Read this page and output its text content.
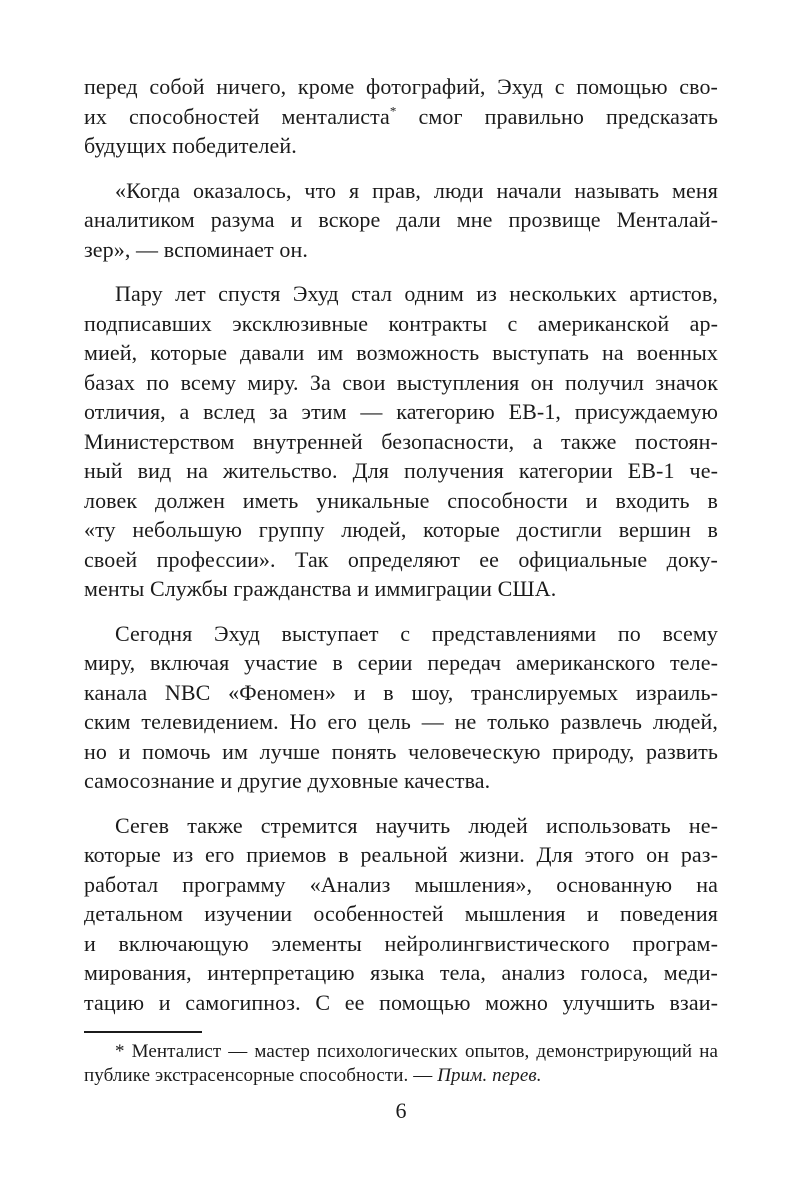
перед собой ничего, кроме фотографий, Эхуд с помощью сво-
их способностей менталиста* смог правильно предсказать
будущих победителей.
«Когда оказалось, что я прав, люди начали называть меня
аналитиком разума и вскоре дали мне прозвище Менталай-
зер», — вспоминает он.
Пару лет спустя Эхуд стал одним из нескольких артистов,
подписавших эксклюзивные контракты с американской ар-
мией, которые давали им возможность выступать на военных
базах по всему миру. За свои выступления он получил значок
отличия, а вслед за этим — категорию EB-1, присуждаемую
Министерством внутренней безопасности, а также постоян-
ный вид на жительство. Для получения категории EB-1 че-
ловек должен иметь уникальные способности и входить в
«ту небольшую группу людей, которые достигли вершин в
своей профессии». Так определяют ее официальные доку-
менты Службы гражданства и иммиграции США.
Сегодня Эхуд выступает с представлениями по всему
миру, включая участие в серии передач американского теле-
канала NBC «Феномен» и в шоу, транслируемых израиль-
ским телевидением. Но его цель — не только развлечь людей,
но и помочь им лучше понять человеческую природу, развить
самосознание и другие духовные качества.
Сегев также стремится научить людей использовать не-
которые из его приемов в реальной жизни. Для этого он раз-
работал программу «Анализ мышления», основанную на
детальном изучении особенностей мышления и поведения
и включающую элементы нейролингвистического програм-
мирования, интерпретацию языка тела, анализ голоса, меди-
тацию и самогипноз. С ее помощью можно улучшить взаи-
* Менталист — мастер психологических опытов, демонстрирующий на
публике экстрасенсорные способности. — Прим. перев.
6
